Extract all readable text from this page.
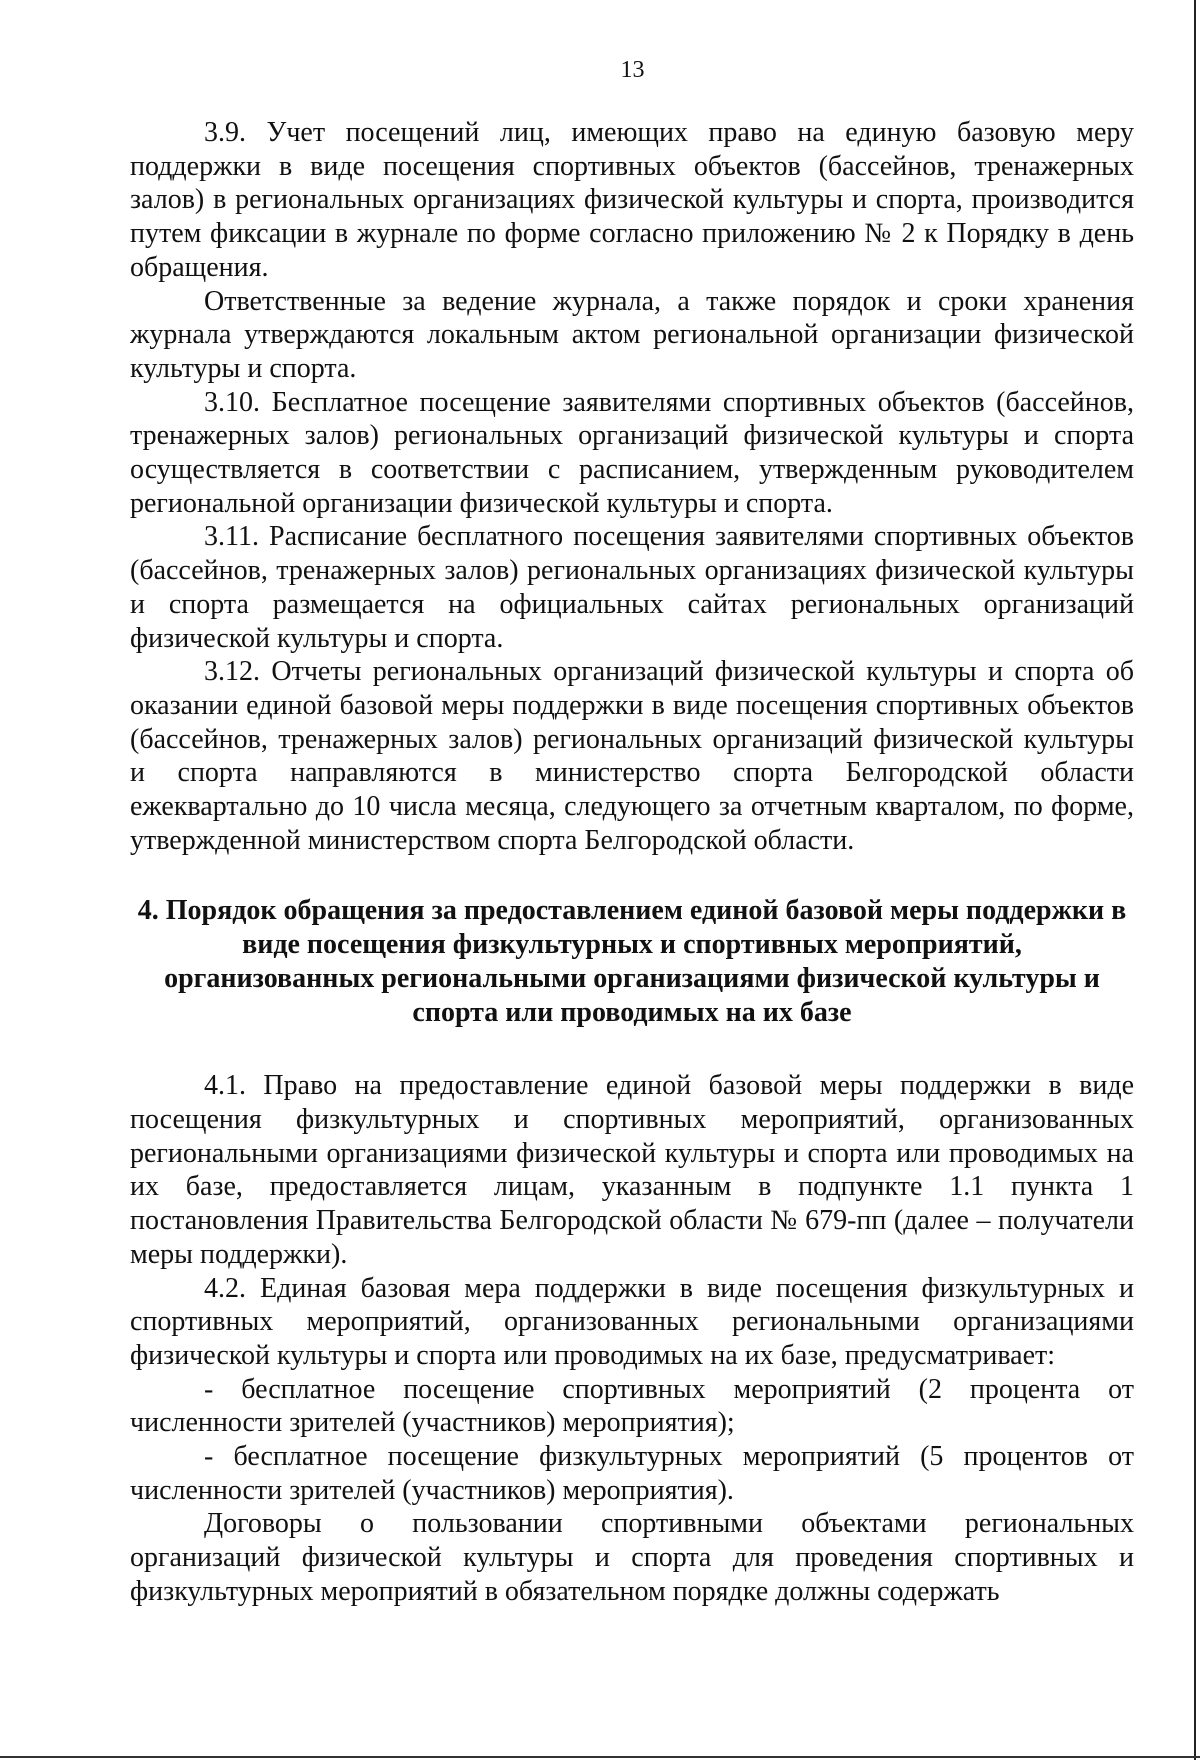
13

3.9. Учет посещений лиц, имеющих право на единую базовую меру поддержки в виде посещения спортивных объектов (бассейнов, тренажерных залов) в региональных организациях физической культуры и спорта, производится путем фиксации в журнале по форме согласно приложению № 2 к Порядку в день обращения.

Ответственные за ведение журнала, а также порядок и сроки хранения журнала утверждаются локальным актом региональной организации физической культуры и спорта.

3.10. Бесплатное посещение заявителями спортивных объектов (бассейнов, тренажерных залов) региональных организаций физической культуры и спорта осуществляется в соответствии с расписанием, утвержденным руководителем региональной организации физической культуры и спорта.

3.11. Расписание бесплатного посещения заявителями спортивных объектов (бассейнов, тренажерных залов) региональных организациях физической культуры и спорта размещается на официальных сайтах региональных организаций физической культуры и спорта.

3.12. Отчеты региональных организаций физической культуры и спорта об оказании единой базовой меры поддержки в виде посещения спортивных объектов (бассейнов, тренажерных залов) региональных организаций физической культуры и спорта направляются в министерство спорта Белгородской области ежеквартально до 10 числа месяца, следующего за отчетным кварталом, по форме, утвержденной министерством спорта Белгородской области.

4. Порядок обращения за предоставлением единой базовой меры поддержки в виде посещения физкультурных и спортивных мероприятий, организованных региональными организациями физической культуры и спорта или проводимых на их базе

4.1. Право на предоставление единой базовой меры поддержки в виде посещения физкультурных и спортивных мероприятий, организованных региональными организациями физической культуры и спорта или проводимых на их базе, предоставляется лицам, указанным в подпункте 1.1 пункта 1 постановления Правительства Белгородской области № 679-пп (далее – получатели меры поддержки).

4.2. Единая базовая мера поддержки в виде посещения физкультурных и спортивных мероприятий, организованных региональными организациями физической культуры и спорта или проводимых на их базе, предусматривает:

- бесплатное посещение спортивных мероприятий (2 процента от численности зрителей (участников) мероприятия);

- бесплатное посещение физкультурных мероприятий (5 процентов от численности зрителей (участников) мероприятия).

Договоры о пользовании спортивными объектами региональных организаций физической культуры и спорта для проведения спортивных и физкультурных мероприятий в обязательном порядке должны содержать
